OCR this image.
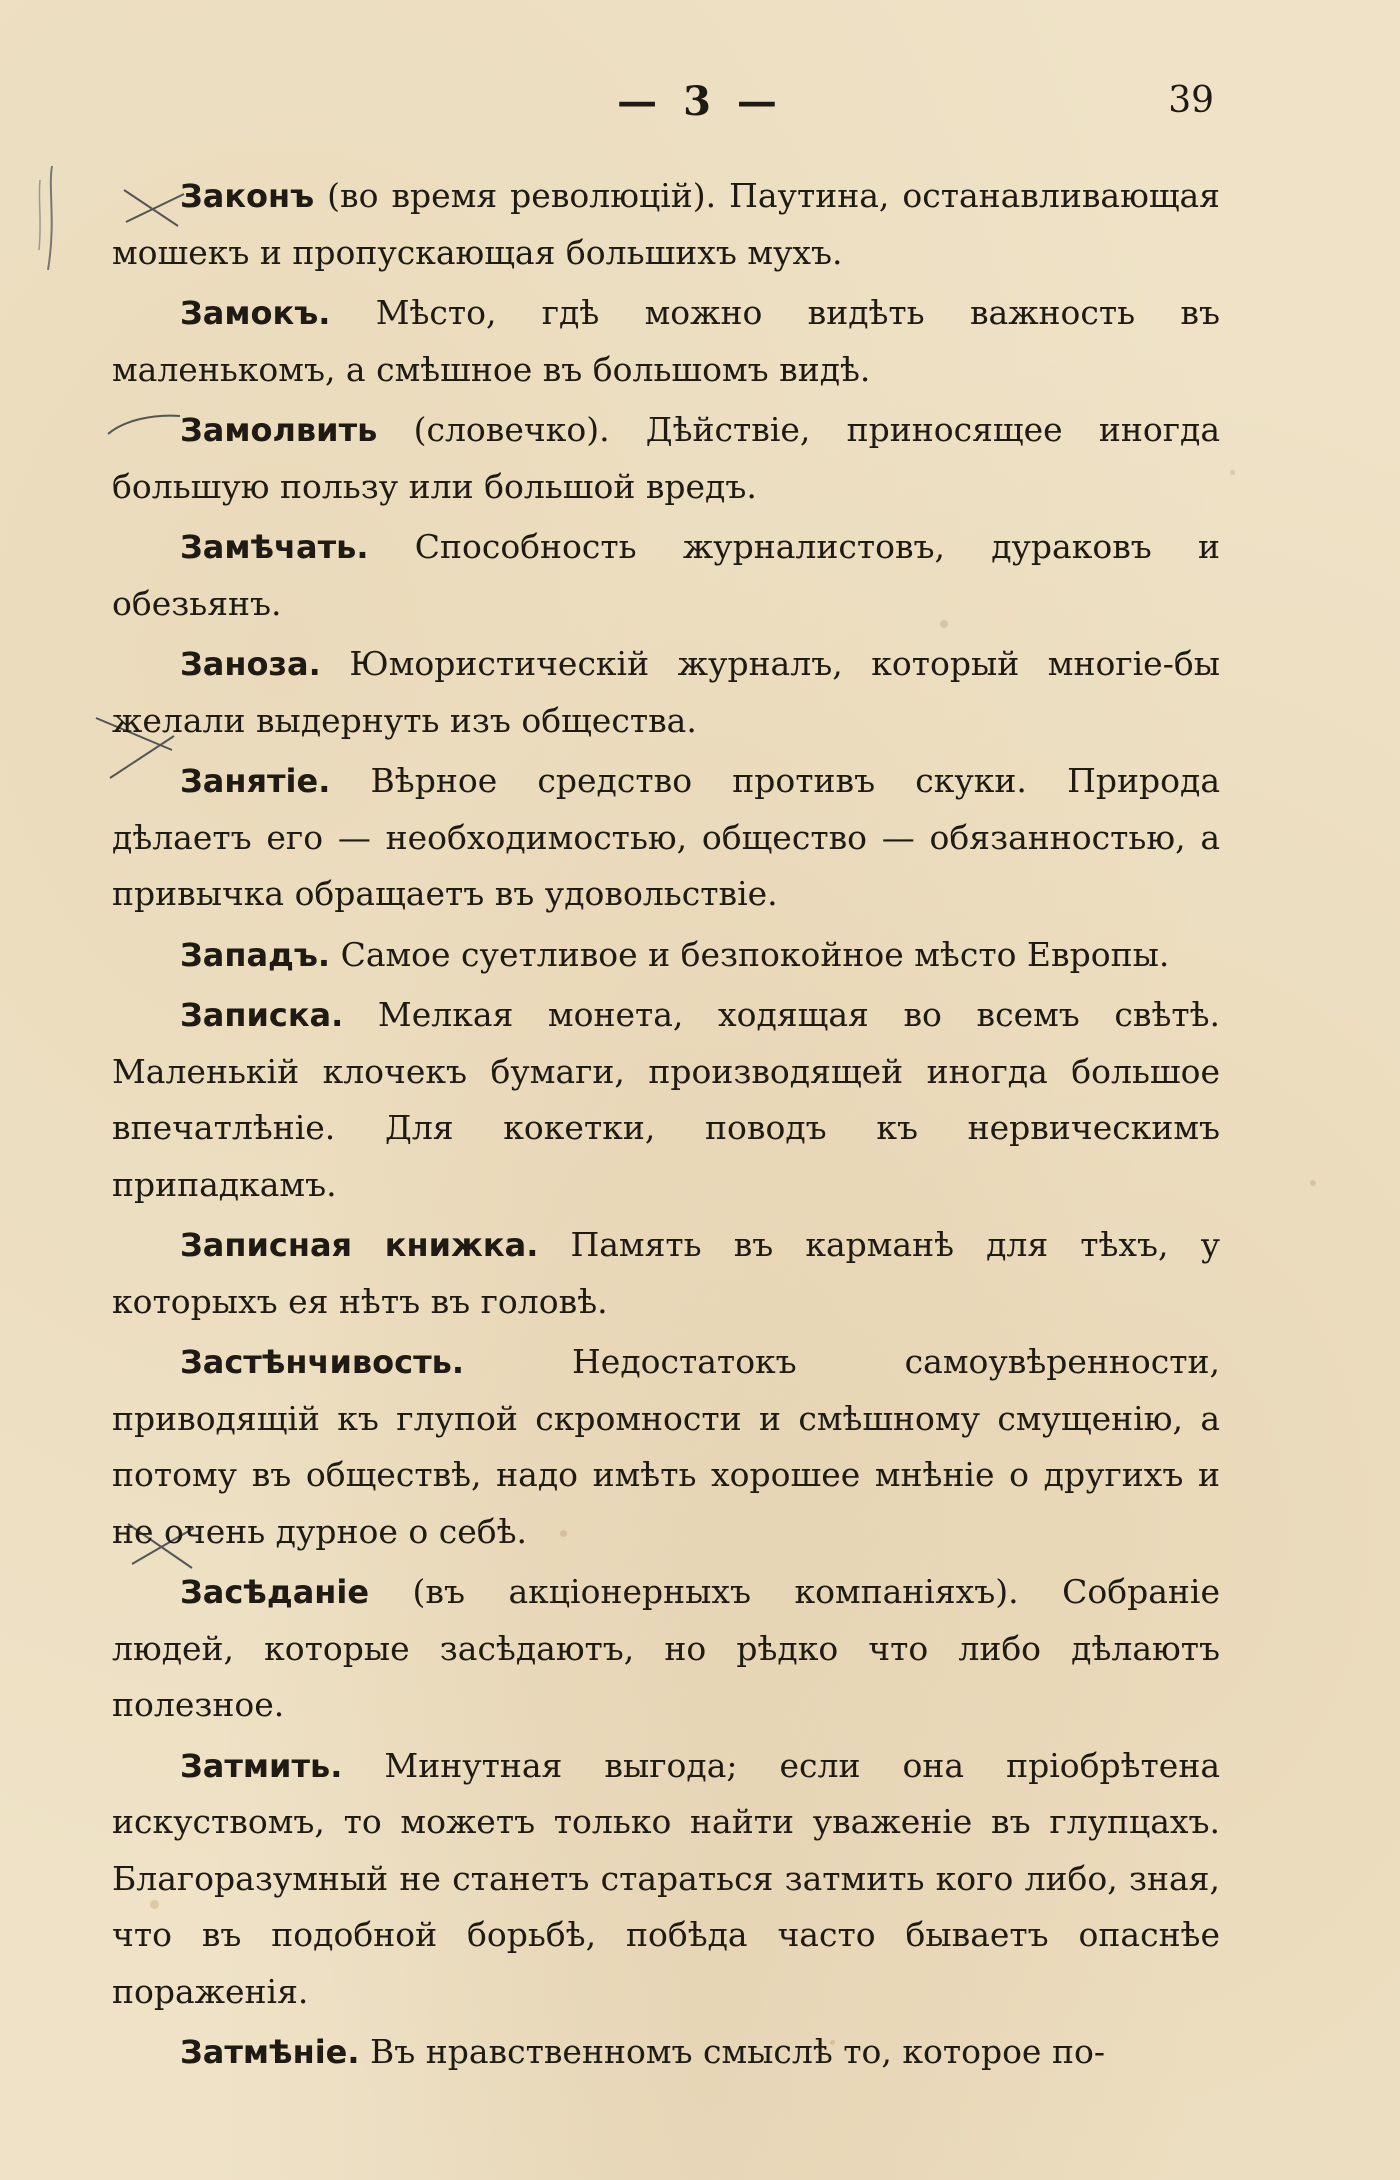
— 3 —	39

Законъ (во время революцій). Паутина, останавливающая мошекъ и пропускающая большихъ мухъ.

Замокъ. Мѣсто, гдѣ можно видѣть важность въ маленькомъ, а смѣшное въ большомъ видѣ.

Замолвить (словечко). Дѣйствіе, приносящее иногда большую пользу или большой вредъ.

Замѣчать. Способность журналистовъ, дураковъ и обезьянъ.

Заноза. Юмористическій журналъ, который многіе-бы желали выдернуть изъ общества.

Занятіе. Вѣрное средство противъ скуки. Природа дѣлаетъ его — необходимостью, общество — обязанностью, а привычка обращаетъ въ удовольствіе.

Западъ. Самое суетливое и безпокойное мѣсто Европы.

Записка. Мелкая монета, ходящая во всемъ свѣтѣ. Маленькій клочекъ бумаги, производящей иногда большое впечатлѣніе. Для кокетки, поводъ къ нервическимъ припадкамъ.

Записная книжка. Память въ карманѣ для тѣхъ, у которыхъ ея нѣтъ въ головѣ.

Застѣнчивость. Недостатокъ самоувѣренности, приводящій къ глупой скромности и смѣшному смущенію, а потому въ обществѣ, надо имѣть хорошее мнѣніе о другихъ и не очень дурное о себѣ.

Засѣданіе (въ акціонерныхъ компаніяхъ). Собраніе людей, которые засѣдаютъ, но рѣдко что либо дѣлаютъ полезное.

Затмить. Минутная выгода; если она пріобрѣтена искуствомъ, то можетъ только найти уваженіе въ глупцахъ. Благоразумный не станетъ стараться затмить кого либо, зная, что въ подобной борьбѣ, побѣда часто бываетъ опаснѣе пораженія.

Затмѣніе. Въ нравственномъ смыслѣ то, которое по-
